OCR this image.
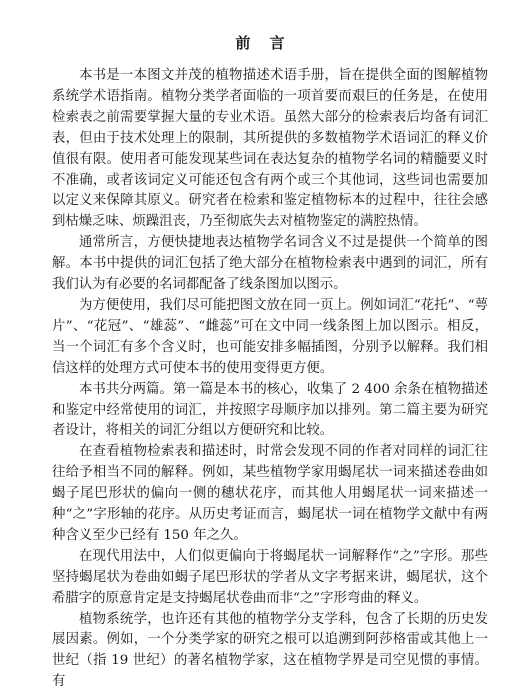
前 言

本书是一本图文并茂的植物描述术语手册，旨在提供全面的图解植物系统学术语指南。植物分类学者面临的一项首要而艰巨的任务是，在使用检索表之前需要掌握大量的专业术语。虽然大部分的检索表后均备有词汇表，但由于技术处理上的限制，其所提供的多数植物学术语词汇的释义价值很有限。使用者可能发现某些词在表达复杂的植物学名词的精髓要义时不准确，或者该词定义可能还包含有两个或三个其他词，这些词也需要加以定义来保障其原义。研究者在检索和鉴定植物标本的过程中，往往会感到枯燥乏味、烦躁沮丧，乃至彻底失去对植物鉴定的满腔热情。

通常所言，方便快捷地表达植物学名词含义不过是提供一个简单的图解。本书中提供的词汇包括了绝大部分在植物检索表中遇到的词汇，所有我们认为有必要的名词都配备了线条图加以图示。

为方便使用，我们尽可能把图文放在同一页上。例如词汇“花托”、“萼片”、“花冠”、“雄蕊”、“雌蕊”可在文中同一线条图上加以图示。相反，当一个词汇有多个含义时，也可能安排多幅插图，分别予以解释。我们相信这样的处理方式可使本书的使用变得更方便。

本书共分两篇。第一篇是本书的核心，收集了 2 400 余条在植物描述和鉴定中经常使用的词汇，并按照字母顺序加以排列。第二篇主要为研究者设计，将相关的词汇分组以方便研究和比较。

在查看植物检索表和描述时，时常会发现不同的作者对同样的词汇往往给予相当不同的解释。例如，某些植物学家用蝎尾状一词来描述卷曲如蝎子尾巴形状的偏向一侧的穗状花序，而其他人用蝎尾状一词来描述一种“之”字形轴的花序。从历史考证而言，蝎尾状一词在植物学文献中有两种含义至少已经有 150 年之久。

在现代用法中，人们似更偏向于将蝎尾状一词解释作“之”字形。那些坚持蝎尾状为卷曲如蝎子尾巴形状的学者从文字考据来讲，蝎尾状，这个希腊字的原意肯定是支持蝎尾状卷曲而非“之”字形弯曲的释义。

植物系统学，也许还有其他的植物学分支学科，包含了长期的历史发展因素。例如，一个分类学家的研究之根可以追溯到阿莎格雷或其他上一世纪（指 19 世纪）的著名植物学家，这在植物学界是司空见惯的事情。有
